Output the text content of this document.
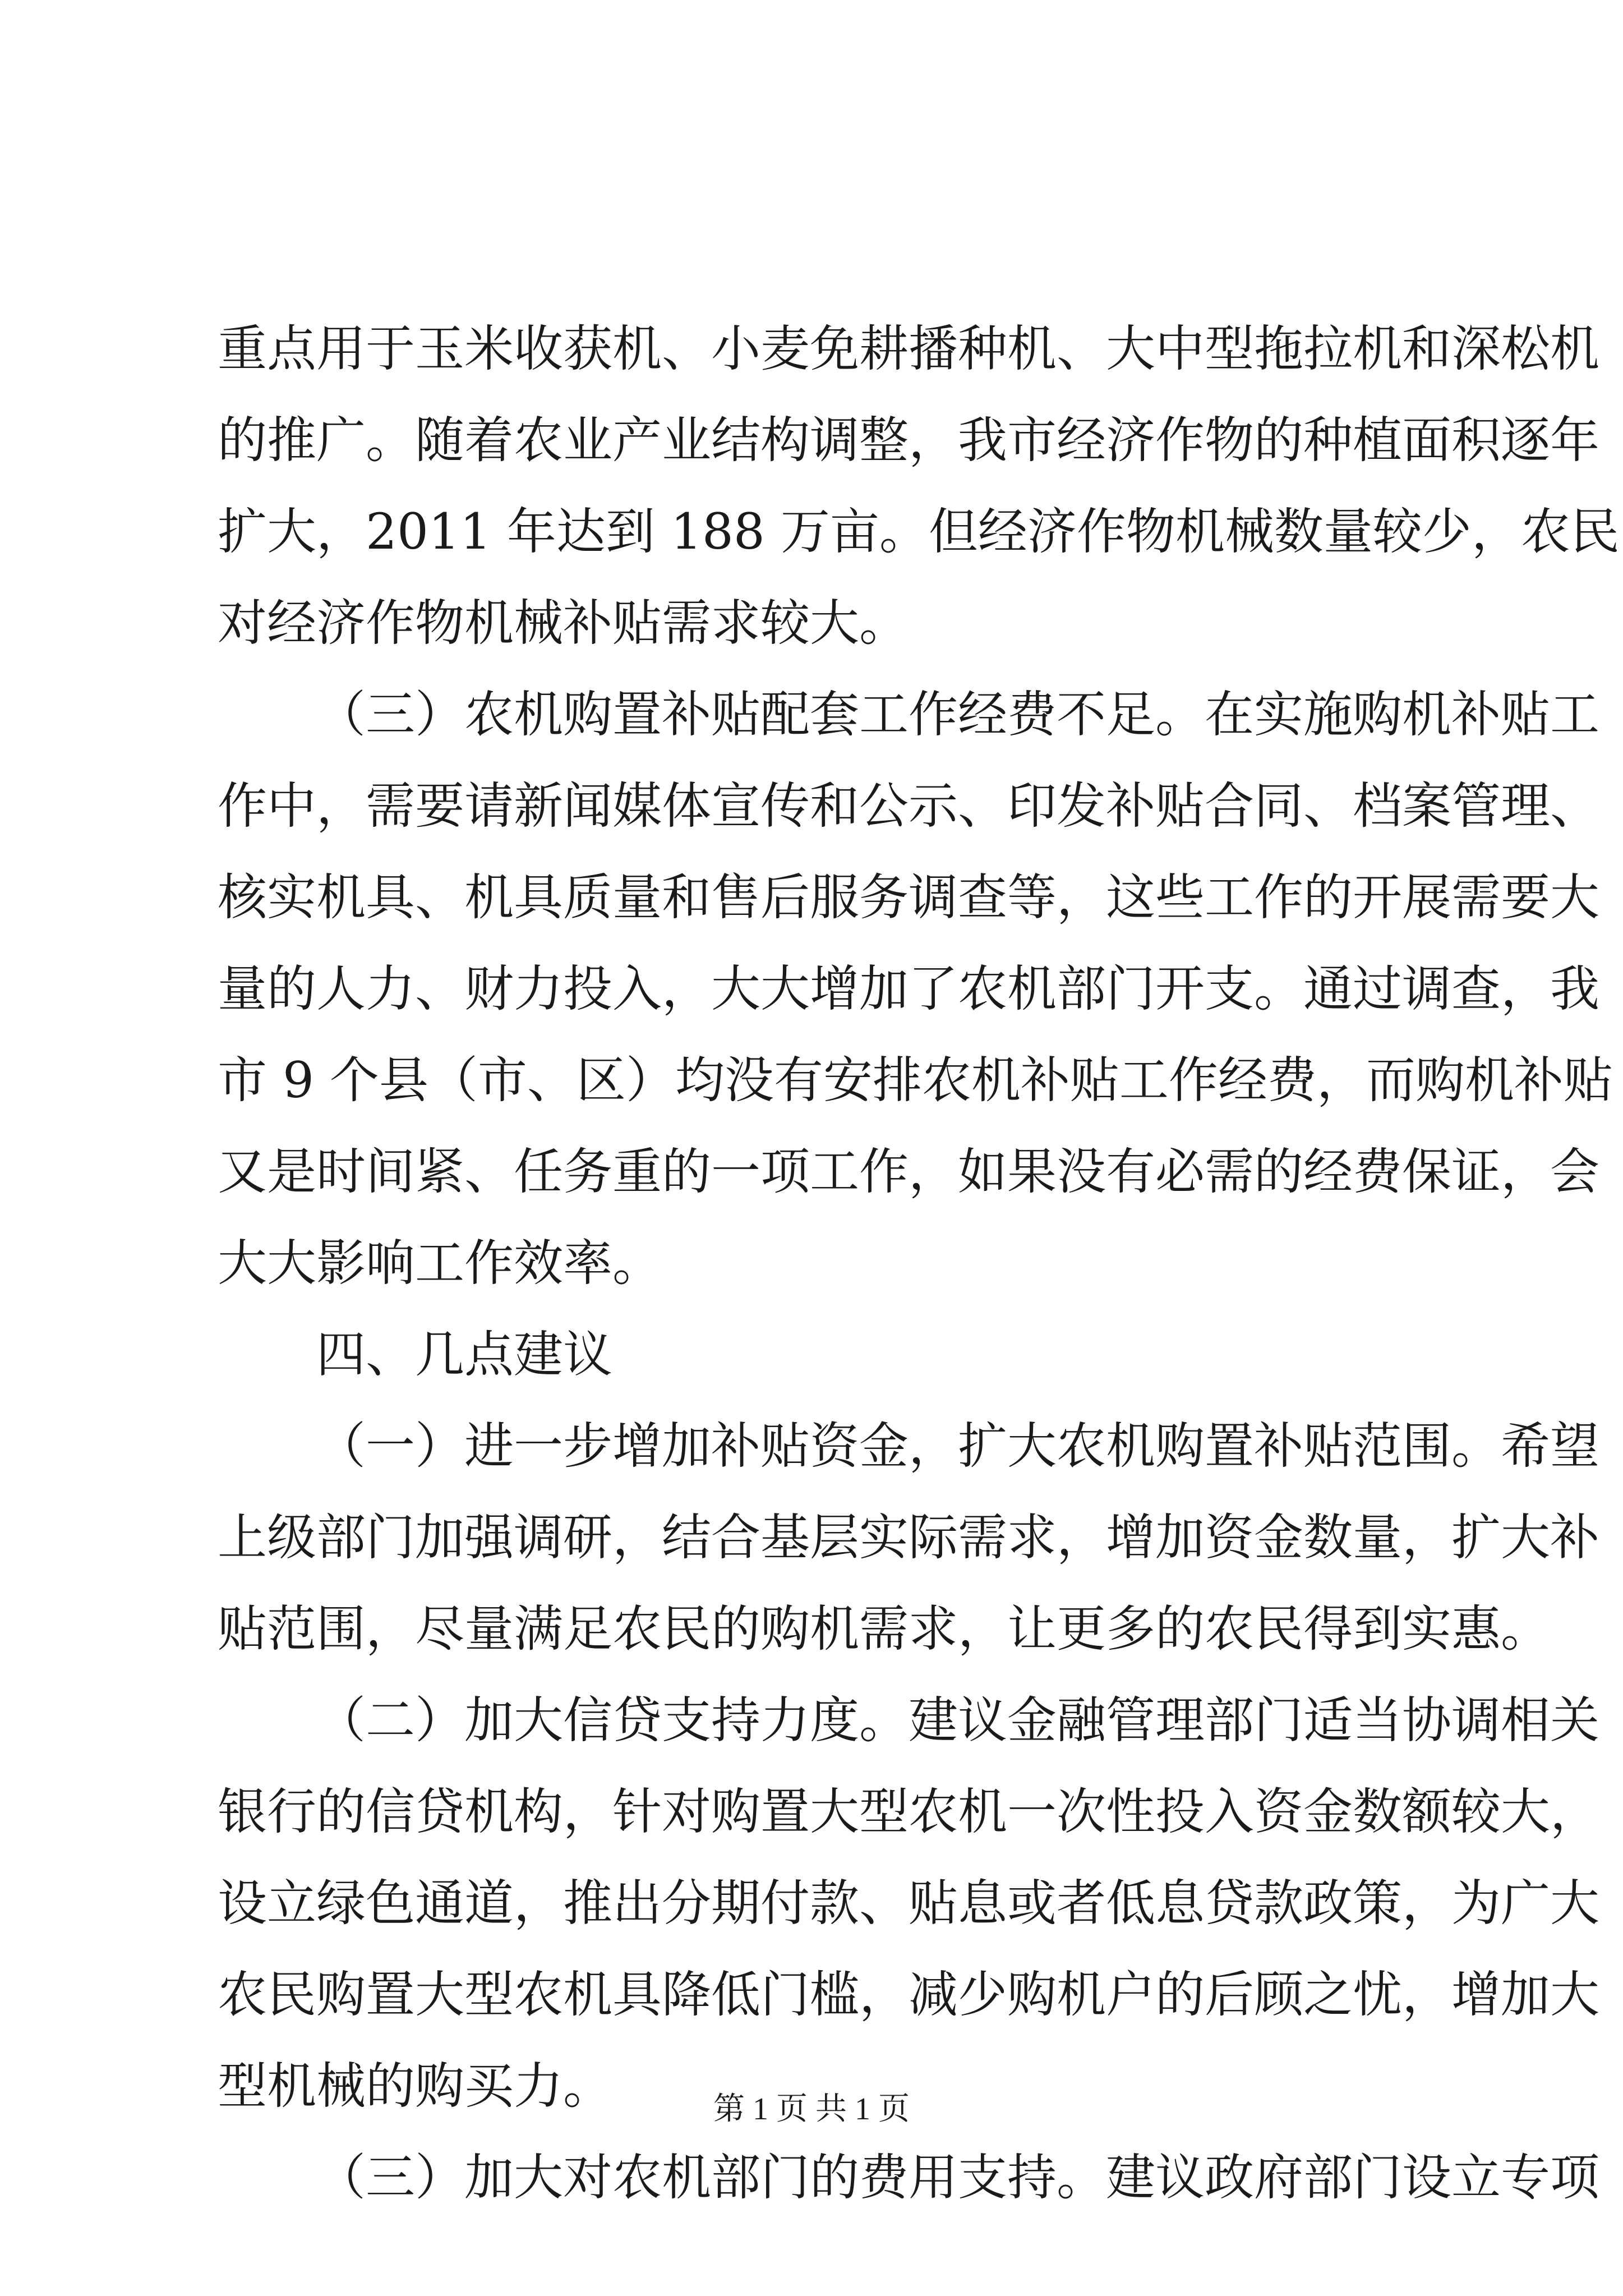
重点用于玉米收获机、小麦免耕播种机、大中型拖拉机和深松机
的推广。随着农业产业结构调整，我市经济作物的种植面积逐年
扩大，2011 年达到 188 万亩。但经济作物机械数量较少，农民
对经济作物机械补贴需求较大。
（三）农机购置补贴配套工作经费不足。在实施购机补贴工
作中，需要请新闻媒体宣传和公示、印发补贴合同、档案管理、
核实机具、机具质量和售后服务调查等，这些工作的开展需要大
量的人力、财力投入，大大增加了农机部门开支。通过调查，我
市 9 个县（市、区）均没有安排农机补贴工作经费，而购机补贴
又是时间紧、任务重的一项工作，如果没有必需的经费保证，会
大大影响工作效率。
四、几点建议
（一）进一步增加补贴资金，扩大农机购置补贴范围。希望
上级部门加强调研，结合基层实际需求，增加资金数量，扩大补
贴范围，尽量满足农民的购机需求，让更多的农民得到实惠。
（二）加大信贷支持力度。建议金融管理部门适当协调相关
银行的信贷机构，针对购置大型农机一次性投入资金数额较大，
设立绿色通道，推出分期付款、贴息或者低息贷款政策，为广大
农民购置大型农机具降低门槛，减少购机户的后顾之忧，增加大
型机械的购买力。
（三）加大对农机部门的费用支持。建议政府部门设立专项
第 1 页 共 1 页
